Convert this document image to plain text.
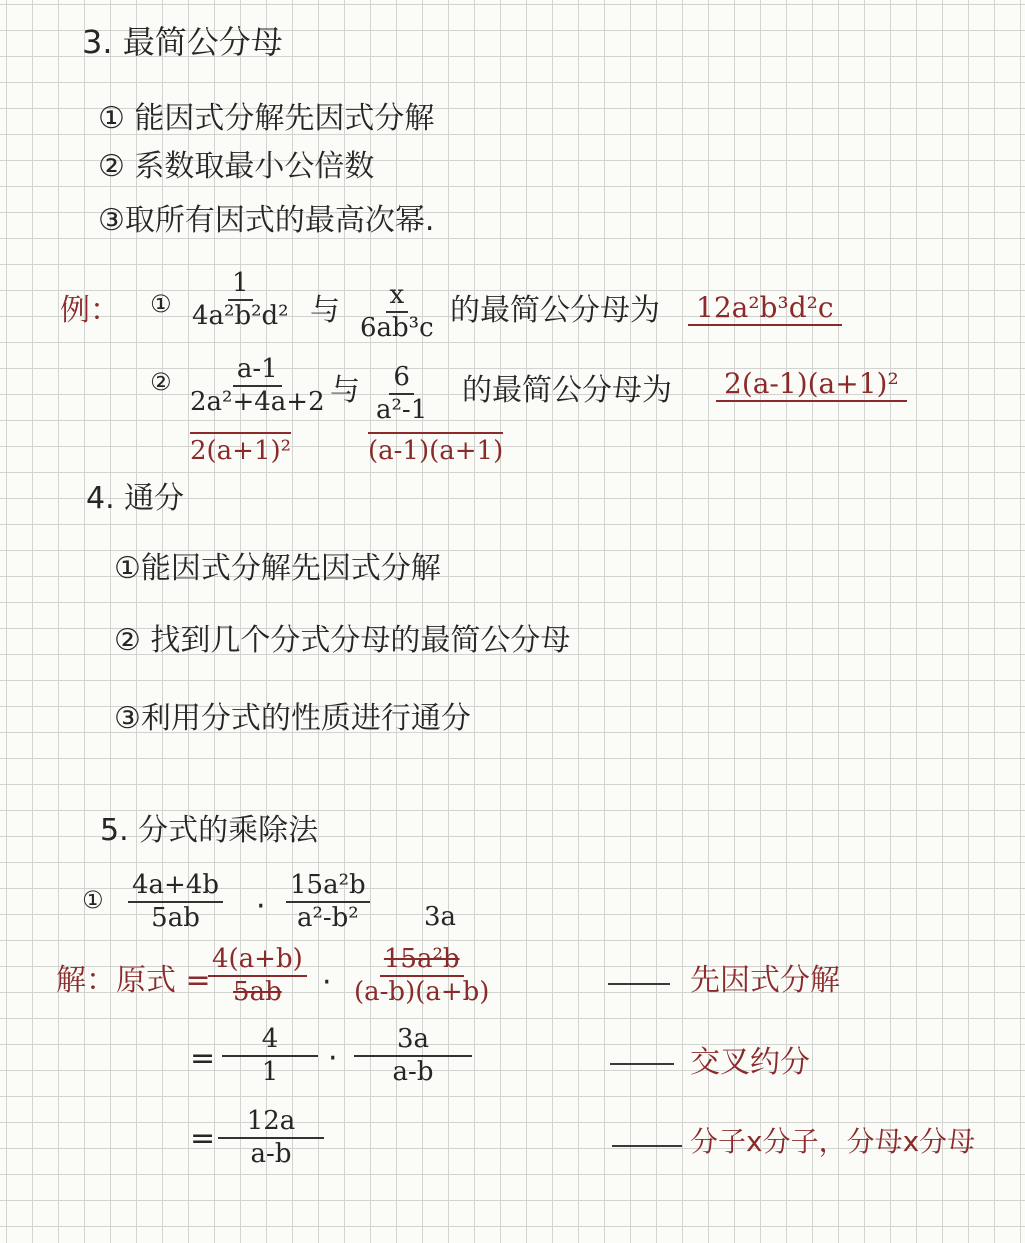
3. 最简公分母
① 能因式分解先因式分解
② 系数取最小公倍数
③取所有因式的最高次幂.
例： ① $\frac{1}{\text{4a²b²d²}}$ 与 $\frac{x}{\text{6ab³c}}$ 的最简公分母为 12a²b³d²c
② $\frac{a-1}{\text{2a²+4a+2}}$
2(a+1)²
与 $\frac{6}{\text{a²-1}}$
(a-1)(a+1)
的最简公分母为 2(a-1)(a+1)²
4. 通分
①能因式分解先因式分解
② 找到几个分式分母的最简公分母
③利用分式的性质进行通分
5. 分式的乘除法
① $\frac{4a+4b}{5ab} \cdot \frac{\text{15a²b}}{\text{a²-b²}} 3a$
解：原式 =
$\frac{4(a+b)}{5ab} \cdot \frac{\text{15a²b}}{(a-b)(a+b)}$	先因式分解
= $\frac{4}{1} \cdot \frac{3a}{a-b}$	交叉约分
= $\frac{12a}{a-b}$	分子x分子，分母x分母
